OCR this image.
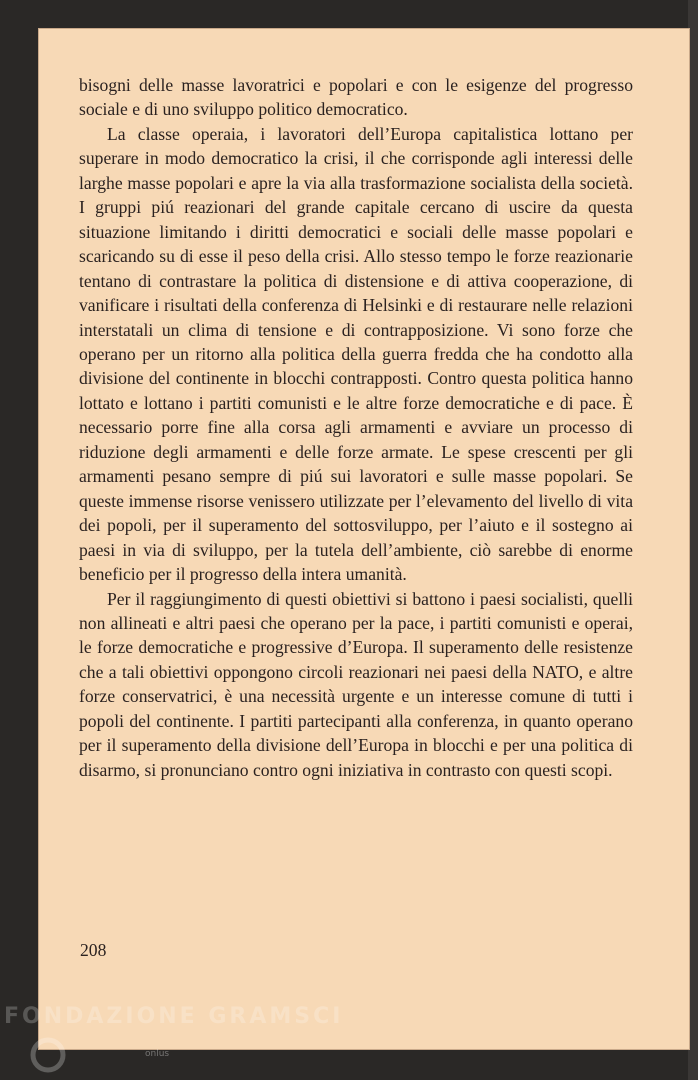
bisogni delle masse lavoratrici e popolari e con le esigenze del progresso sociale e di uno sviluppo politico democratico.

La classe operaia, i lavoratori dell’Europa capitalistica lottano per superare in modo democratico la crisi, il che corrisponde agli interessi delle larghe masse popolari e apre la via alla trasformazione socialista della società. I gruppi piú reazionari del grande capitale cercano di uscire da questa situazione limitando i diritti democratici e sociali delle masse popolari e scaricando su di esse il peso della crisi. Allo stesso tempo le forze reazionarie tentano di contrastare la politica di distensione e di attiva cooperazione, di vanificare i risultati della conferenza di Helsinki e di restaurare nelle relazioni interstatali un clima di tensione e di contrapposizione. Vi sono forze che operano per un ritorno alla politica della guerra fredda che ha condotto alla divisione del continente in blocchi contrapposti. Contro questa politica hanno lottato e lottano i partiti comunisti e le altre forze democratiche e di pace. È necessario porre fine alla corsa agli armamenti e avviare un processo di riduzione degli armamenti e delle forze armate. Le spese crescenti per gli armamenti pesano sempre di piú sui lavoratori e sulle masse popolari. Se queste immense risorse venissero utilizzate per l’elevamento del livello di vita dei popoli, per il superamento del sottosviluppo, per l’aiuto e il sostegno ai paesi in via di sviluppo, per la tutela dell’ambiente, ciò sarebbe di enorme beneficio per il progresso della intera umanità.

Per il raggiungimento di questi obiettivi si battono i paesi socialisti, quelli non allineati e altri paesi che operano per la pace, i partiti comunisti e operai, le forze democratiche e progressive d’Europa. Il superamento delle resistenze che a tali obiettivi oppongono circoli reazionari nei paesi della NATO, e altre forze conservatrici, è una necessità urgente e un interesse comune di tutti i popoli del continente. I partiti partecipanti alla conferenza, in quanto operano per il superamento della divisione dell’Europa in blocchi e per una politica di disarmo, si pronunciano contro ogni iniziativa in contrasto con questi scopi.

208
FONDAZIONE GRAMSCI
onlus
